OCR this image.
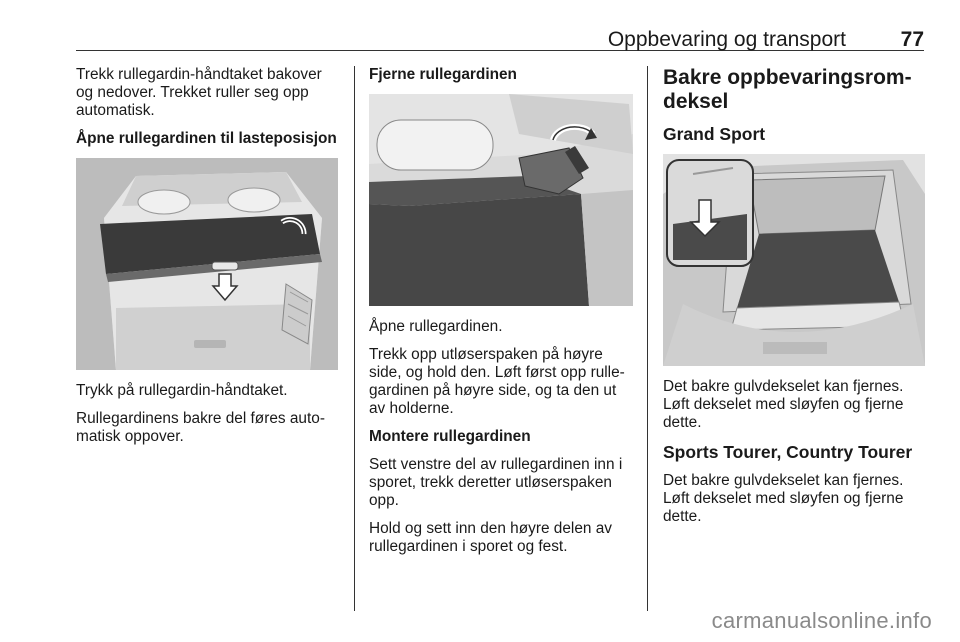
Oppbevaring og transport	77

Trekk rullegardin-håndtaket bakover og nedover. Trekket ruller seg opp automatisk.

Åpne rullegardinen til lasteposisjon

Trykk på rullegardin-håndtaket.

Rullegardinens bakre del føres auto-matisk oppover.

Fjerne rullegardinen

Åpne rullegardinen.

Trekk opp utløserspaken på høyre side, og hold den. Løft først opp rulle-gardinen på høyre side, og ta den ut av holderne.

Montere rullegardinen

Sett venstre del av rullegardinen inn i sporet, trekk deretter utløserspaken opp.

Hold og sett inn den høyre delen av rullegardinen i sporet og fest.

Bakre oppbevaringsrom-deksel
Grand Sport

Det bakre gulvdekselet kan fjernes. Løft dekselet med sløyfen og fjerne dette.

Sports Tourer, Country Tourer

Det bakre gulvdekselet kan fjernes. Løft dekselet med sløyfen og fjerne dette.

carmanualsonline.info
